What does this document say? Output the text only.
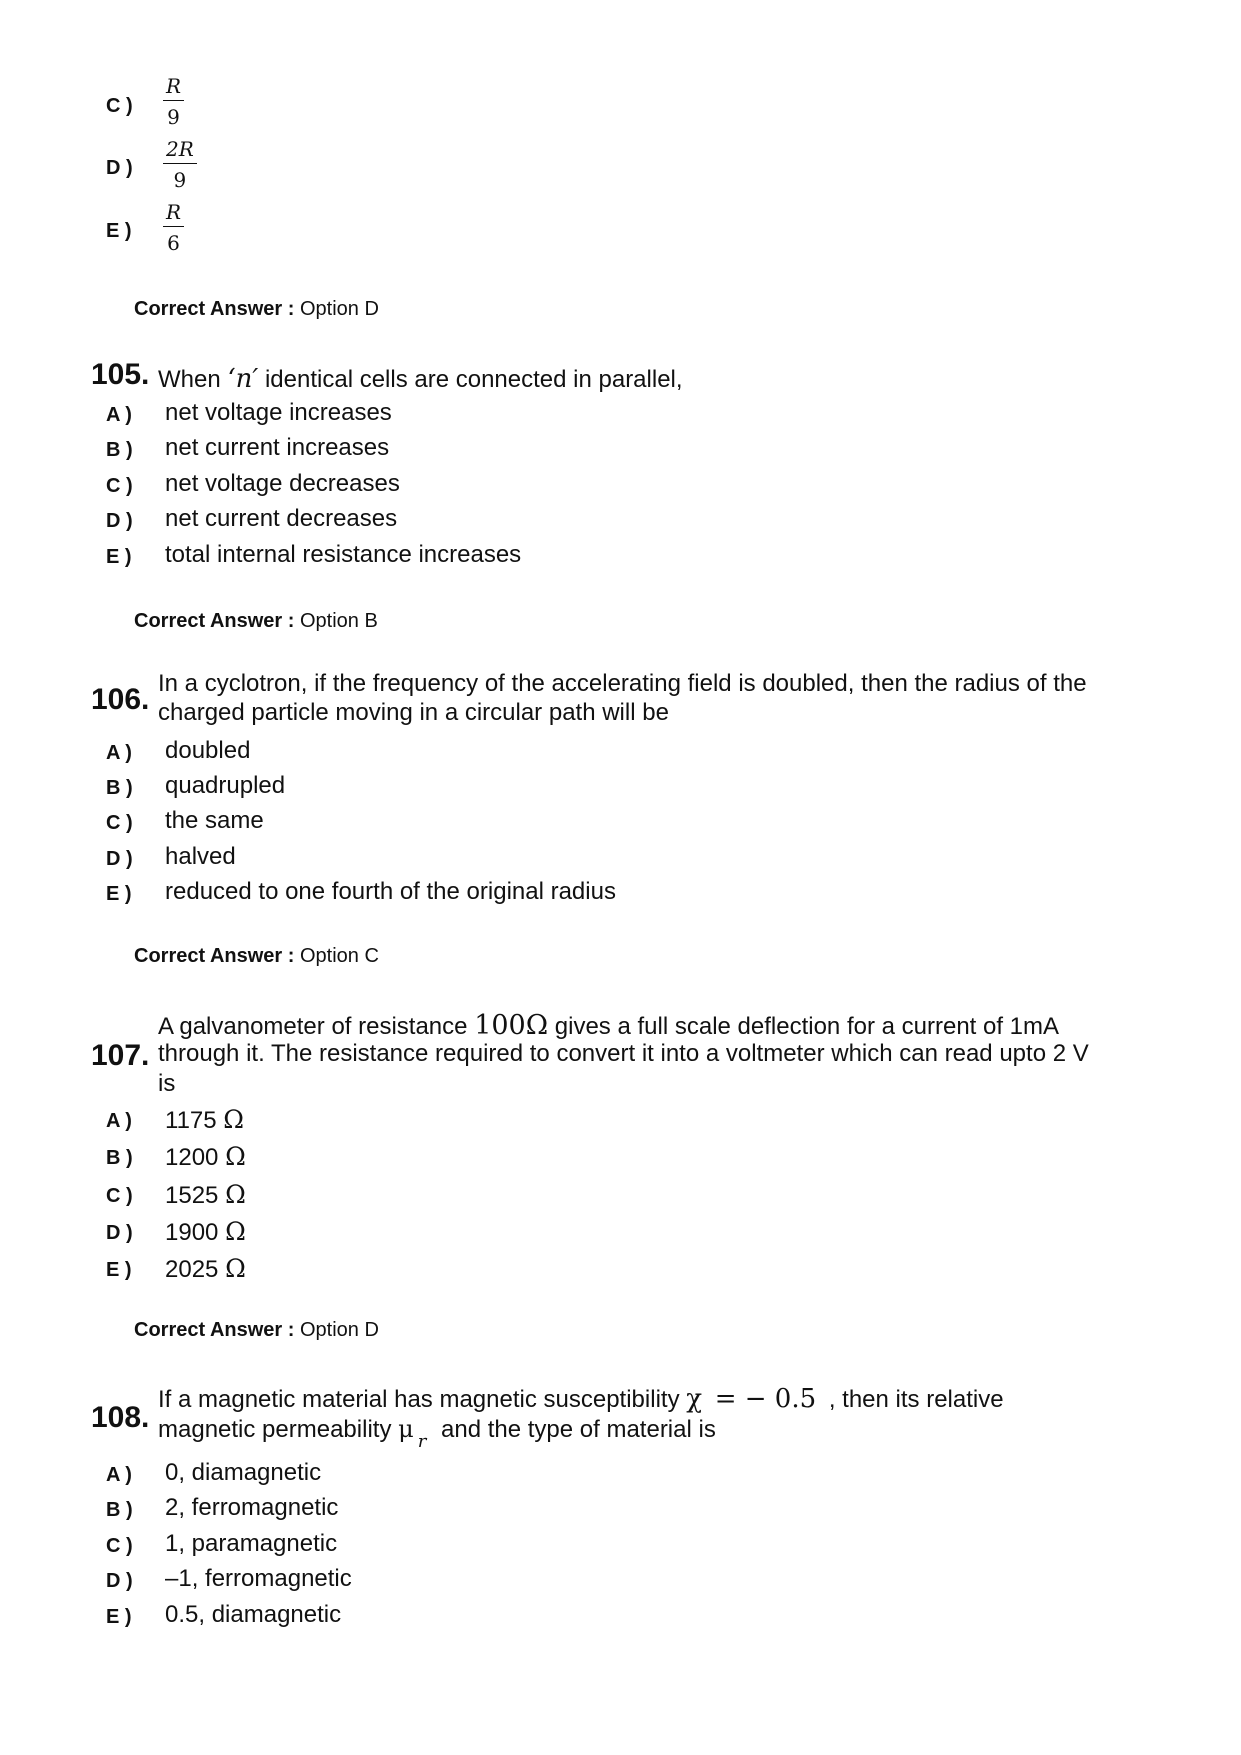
C ) $\frac{R}{9}$
D ) $\frac{2R}{9}$
E ) $\frac{R}{6}$
Correct Answer : Option D
105. When ‘n′ identical cells are connected in parallel,
A ) net voltage increases
B ) net current increases
C ) net voltage decreases
D ) net current decreases
E ) total internal resistance increases
Correct Answer : Option B
106. In a cyclotron, if the frequency of the accelerating field is doubled, then the radius of the
charged particle moving in a circular path will be
A ) doubled
B ) quadrupled
C ) the same
D ) halved
E ) reduced to one fourth of the original radius
Correct Answer : Option C
107.
A galvanometer of resistance 100Ω gives a full scale deflection for a current of 1mA
through it. The resistance required to convert it into a voltmeter which can read upto 2 V
is
A ) 1175 Ω
B ) 1200 Ω
C ) 1525 Ω
D ) 1900 Ω
E ) 2025 Ω
Correct Answer : Option D
108.
If a magnetic material has magnetic susceptibility χ = − 0.5 , then its relative
magnetic permeability μ $_r$ and the type of material is
A ) 0, diamagnetic
B ) 2, ferromagnetic
C ) 1, paramagnetic
D ) –1, ferromagnetic
E ) 0.5, diamagnetic
